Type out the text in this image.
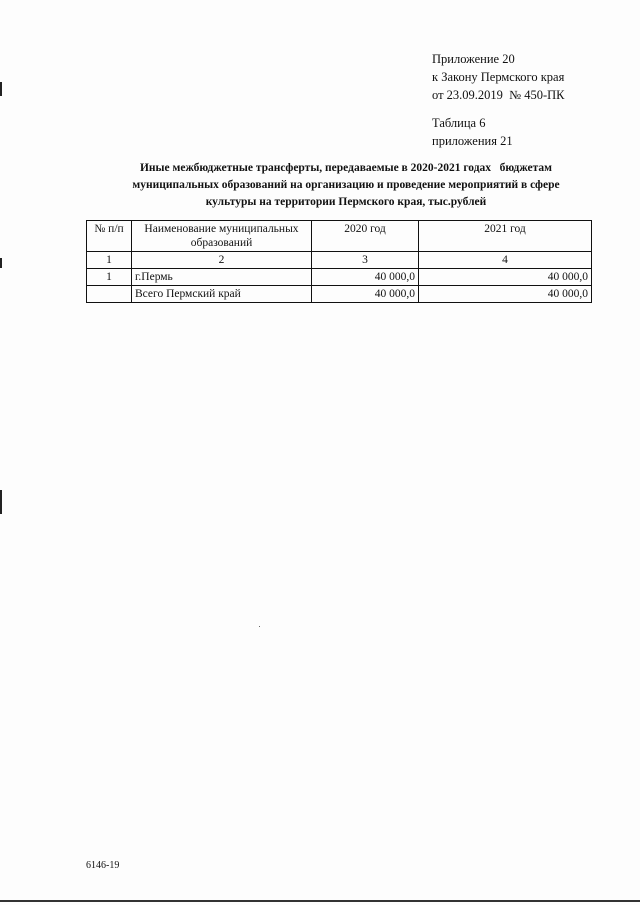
Приложение 20
к Закону Пермского края
от 23.09.2019  № 450-ПК
Таблица 6
приложения 21
Иные межбюджетные трансферты, передаваемые в 2020-2021 годах   бюджетам
муниципальных образований на организацию и проведение мероприятий в сфере
культуры на территории Пермского края, тыс.рублей
№ п/п	Наименование муниципальных образований	2020 год	2021 год
1	2	3	4
1	г.Пермь	40 000,0	40 000,0
	Всего Пермский край	40 000,0	40 000,0
6146-19
